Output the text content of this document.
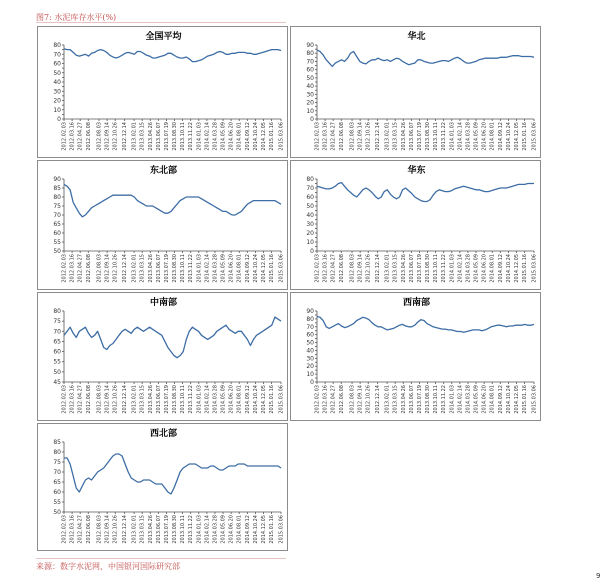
图7: 水泥库存水平(%)
全国平均
0
10
20
30
40
50
60
70
80
2012.02.03 2012.03.16 2012.04.27 2012.06.08 2012.08.03 2012.09.14 2012.10.26 2012.12.14 2013.02.01 2013.03.15 2013.04.26 2013.06.07 2013.07.19 2013.08.30 2013.10.11 2013.11.22 2014.01.03 2014.02.14 2014.03.28 2014.05.09 2014.06.20 2014.08.01 2014.09.12 2014.10.24 2014.12.05 2015.01.16 2015.03.06
华北
0
10
20
30
40
50
60
70
80
90
2012.02.03 2012.03.16 2012.04.27 2012.06.08 2012.08.03 2012.09.14 2012.10.26 2012.12.14 2013.02.01 2013.03.15 2013.04.26 2013.06.07 2013.07.19 2013.08.30 2013.10.11 2013.11.22 2014.01.03 2014.02.14 2014.03.28 2014.05.09 2014.06.20 2014.08.01 2014.09.12 2014.10.24 2014.12.05 2015.01.16 2015.03.06
东北部
50
55
60
65
70
75
80
85
90
2012.02.03 2012.03.16 2012.04.27 2012.06.08 2012.08.03 2012.09.14 2012.10.26 2012.12.14 2013.02.01 2013.03.15 2013.04.26 2013.06.07 2013.07.19 2013.08.30 2013.10.11 2013.11.22 2014.01.03 2014.02.14 2014.03.28 2014.05.09 2014.06.20 2014.08.01 2014.09.12 2014.10.24 2014.12.05 2015.01.16 2015.03.06
华东
0
10
20
30
40
50
60
70
80
2012.02.03 2012.03.16 2012.04.27 2012.06.08 2012.08.03 2012.09.14 2012.10.26 2012.12.14 2013.02.01 2013.03.15 2013.04.26 2013.06.07 2013.07.19 2013.08.30 2013.10.11 2013.11.22 2014.01.03 2014.02.14 2014.03.28 2014.05.09 2014.06.20 2014.08.01 2014.09.12 2014.10.24 2014.12.05 2015.01.16 2015.03.06
中南部
45
50
55
60
65
70
75
80
2012.02.03 2012.03.16 2012.04.27 2012.06.08 2012.08.03 2012.09.14 2012.10.26 2012.12.14 2013.02.01 2013.03.15 2013.04.26 2013.06.07 2013.07.19 2013.08.30 2013.10.11 2013.11.22 2014.01.03 2014.02.14 2014.03.28 2014.05.09 2014.06.20 2014.08.01 2014.09.12 2014.10.24 2014.12.05 2015.01.16 2015.03.06
西南部
0
10
20
30
40
50
60
70
80
90
2012.02.03 2012.03.16 2012.04.27 2012.06.08 2012.08.03 2012.09.14 2012.10.26 2012.12.14 2013.02.01 2013.03.15 2013.04.26 2013.06.07 2013.07.19 2013.08.30 2013.10.11 2013.11.22 2014.01.03 2014.02.14 2014.03.28 2014.05.09 2014.06.20 2014.08.01 2014.09.12 2014.10.24 2014.12.05 2015.01.16 2015.03.06
西北部
50
55
60
65
70
75
80
85
2012.02.03 2012.03.16 2012.04.27 2012.06.08 2012.08.03 2012.09.14 2012.10.26 2012.12.14 2013.02.01 2013.03.15 2013.04.26 2013.06.07 2013.07.19 2013.08.30 2013.10.11 2013.11.22 2014.01.03 2014.02.14 2014.03.28 2014.05.09 2014.06.20 2014.08.01 2014.09.12 2014.10.24 2014.12.05 2015.01.16 2015.03.06
来源：数字水泥网，中国银河国际研究部
9
